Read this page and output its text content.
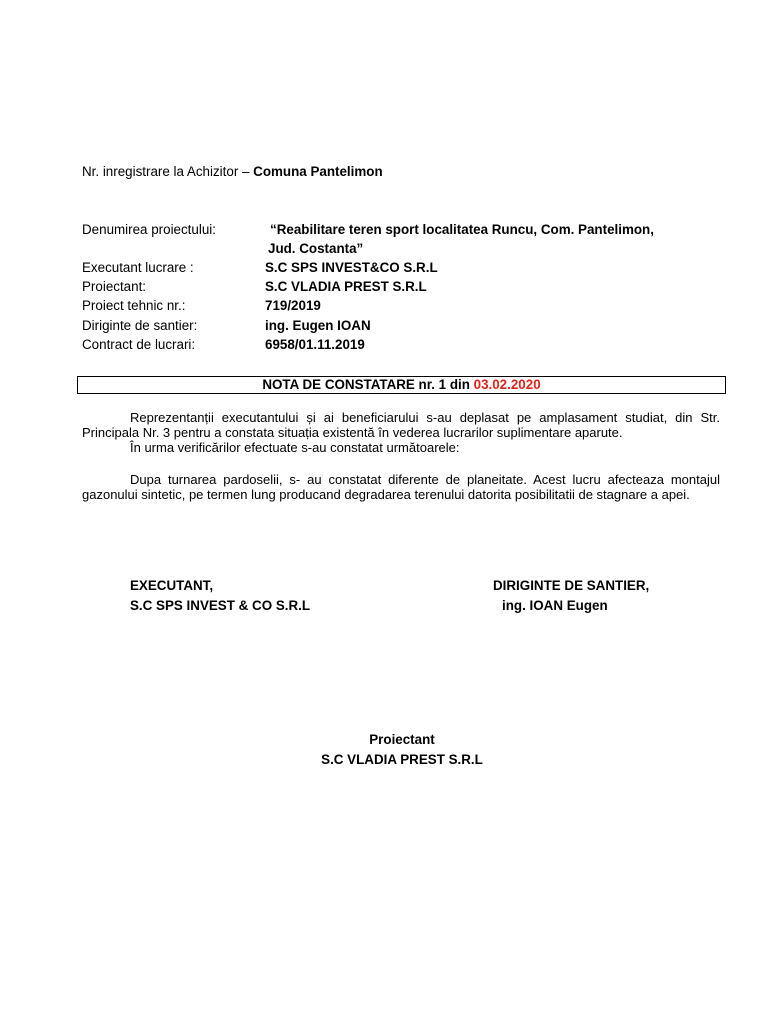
Nr. inregistrare la Achizitor – Comuna Pantelimon
Denumirea proiectului:	“Reabilitare teren sport localitatea Runcu, Com. Pantelimon,
Jud. Costanta”
Executant lucrare :	S.C SPS INVEST&CO S.R.L
Proiectant:	S.C VLADIA PREST S.R.L
Proiect tehnic nr.:	719/2019
Diriginte de santier:	ing. Eugen IOAN
Contract de lucrari:	6958/01.11.2019
NOTA DE CONSTATARE nr. 1 din 03.02.2020
Reprezentanții executantului și ai beneficiarului s-au deplasat pe amplasament studiat, din Str. Principala Nr. 3 pentru a constata situația existentă în vederea lucrarilor suplimentare aparute.
În urma verificărilor efectuate s-au constatat următoarele:
Dupa turnarea pardoselii, s- au constatat diferente de planeitate. Acest lucru afecteaza montajul gazonului sintetic, pe termen lung producand degradarea terenului datorita posibilitatii de stagnare a apei.
EXECUTANT,
S.C SPS INVEST & CO S.R.L
DIRIGINTE DE SANTIER,
ing. IOAN Eugen
Proiectant
S.C VLADIA PREST S.R.L
